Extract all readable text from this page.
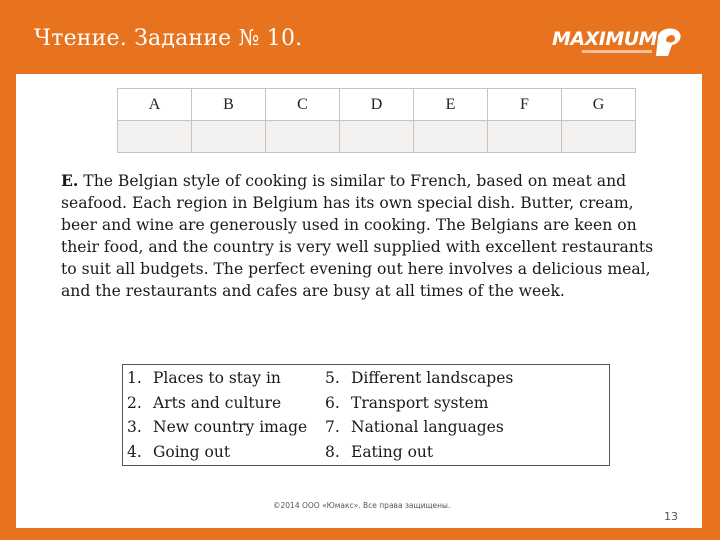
Чтение. Задание № 10.	MAXIMUM
A	B	C	D	E	F	G

E. The Belgian style of cooking is similar to French, based on meat and seafood. Each region in Belgium has its own special dish. Butter, cream, beer and wine are generously used in cooking. The Belgians are keen on their food, and the country is very well supplied with excellent restaurants to suit all budgets. The perfect evening out here involves a delicious meal, and the restaurants and cafes are busy at all times of the week.
1. Places to stay in
2. Arts and culture
3. New country image
4. Going out
5. Different landscapes
6. Transport system
7. National languages
8. Eating out
©2014 ООО «Юмакс». Все права защищены.
13
